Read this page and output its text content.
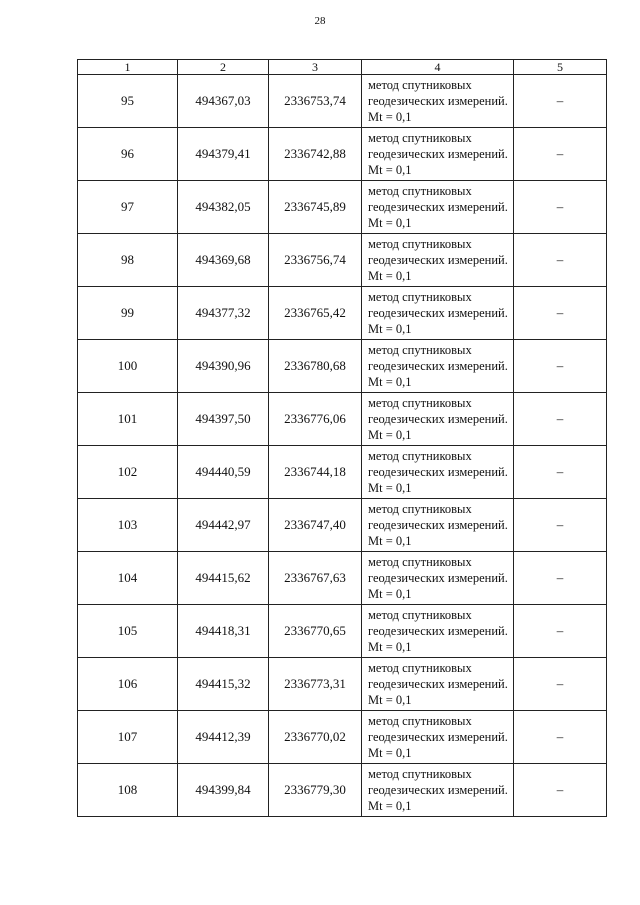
28
1	2	3	4	5
95	494367,03	2336753,74	метод спутниковых геодезических измерений. Mt = 0,1	–
96	494379,41	2336742,88	метод спутниковых геодезических измерений. Mt = 0,1	–
97	494382,05	2336745,89	метод спутниковых геодезических измерений. Mt = 0,1	–
98	494369,68	2336756,74	метод спутниковых геодезических измерений. Mt = 0,1	–
99	494377,32	2336765,42	метод спутниковых геодезических измерений. Mt = 0,1	–
100	494390,96	2336780,68	метод спутниковых геодезических измерений. Mt = 0,1	–
101	494397,50	2336776,06	метод спутниковых геодезических измерений. Mt = 0,1	–
102	494440,59	2336744,18	метод спутниковых геодезических измерений. Mt = 0,1	–
103	494442,97	2336747,40	метод спутниковых геодезических измерений. Mt = 0,1	–
104	494415,62	2336767,63	метод спутниковых геодезических измерений. Mt = 0,1	–
105	494418,31	2336770,65	метод спутниковых геодезических измерений. Mt = 0,1	–
106	494415,32	2336773,31	метод спутниковых геодезических измерений. Mt = 0,1	–
107	494412,39	2336770,02	метод спутниковых геодезических измерений. Mt = 0,1	–
108	494399,84	2336779,30	метод спутниковых геодезических измерений. Mt = 0,1	–
